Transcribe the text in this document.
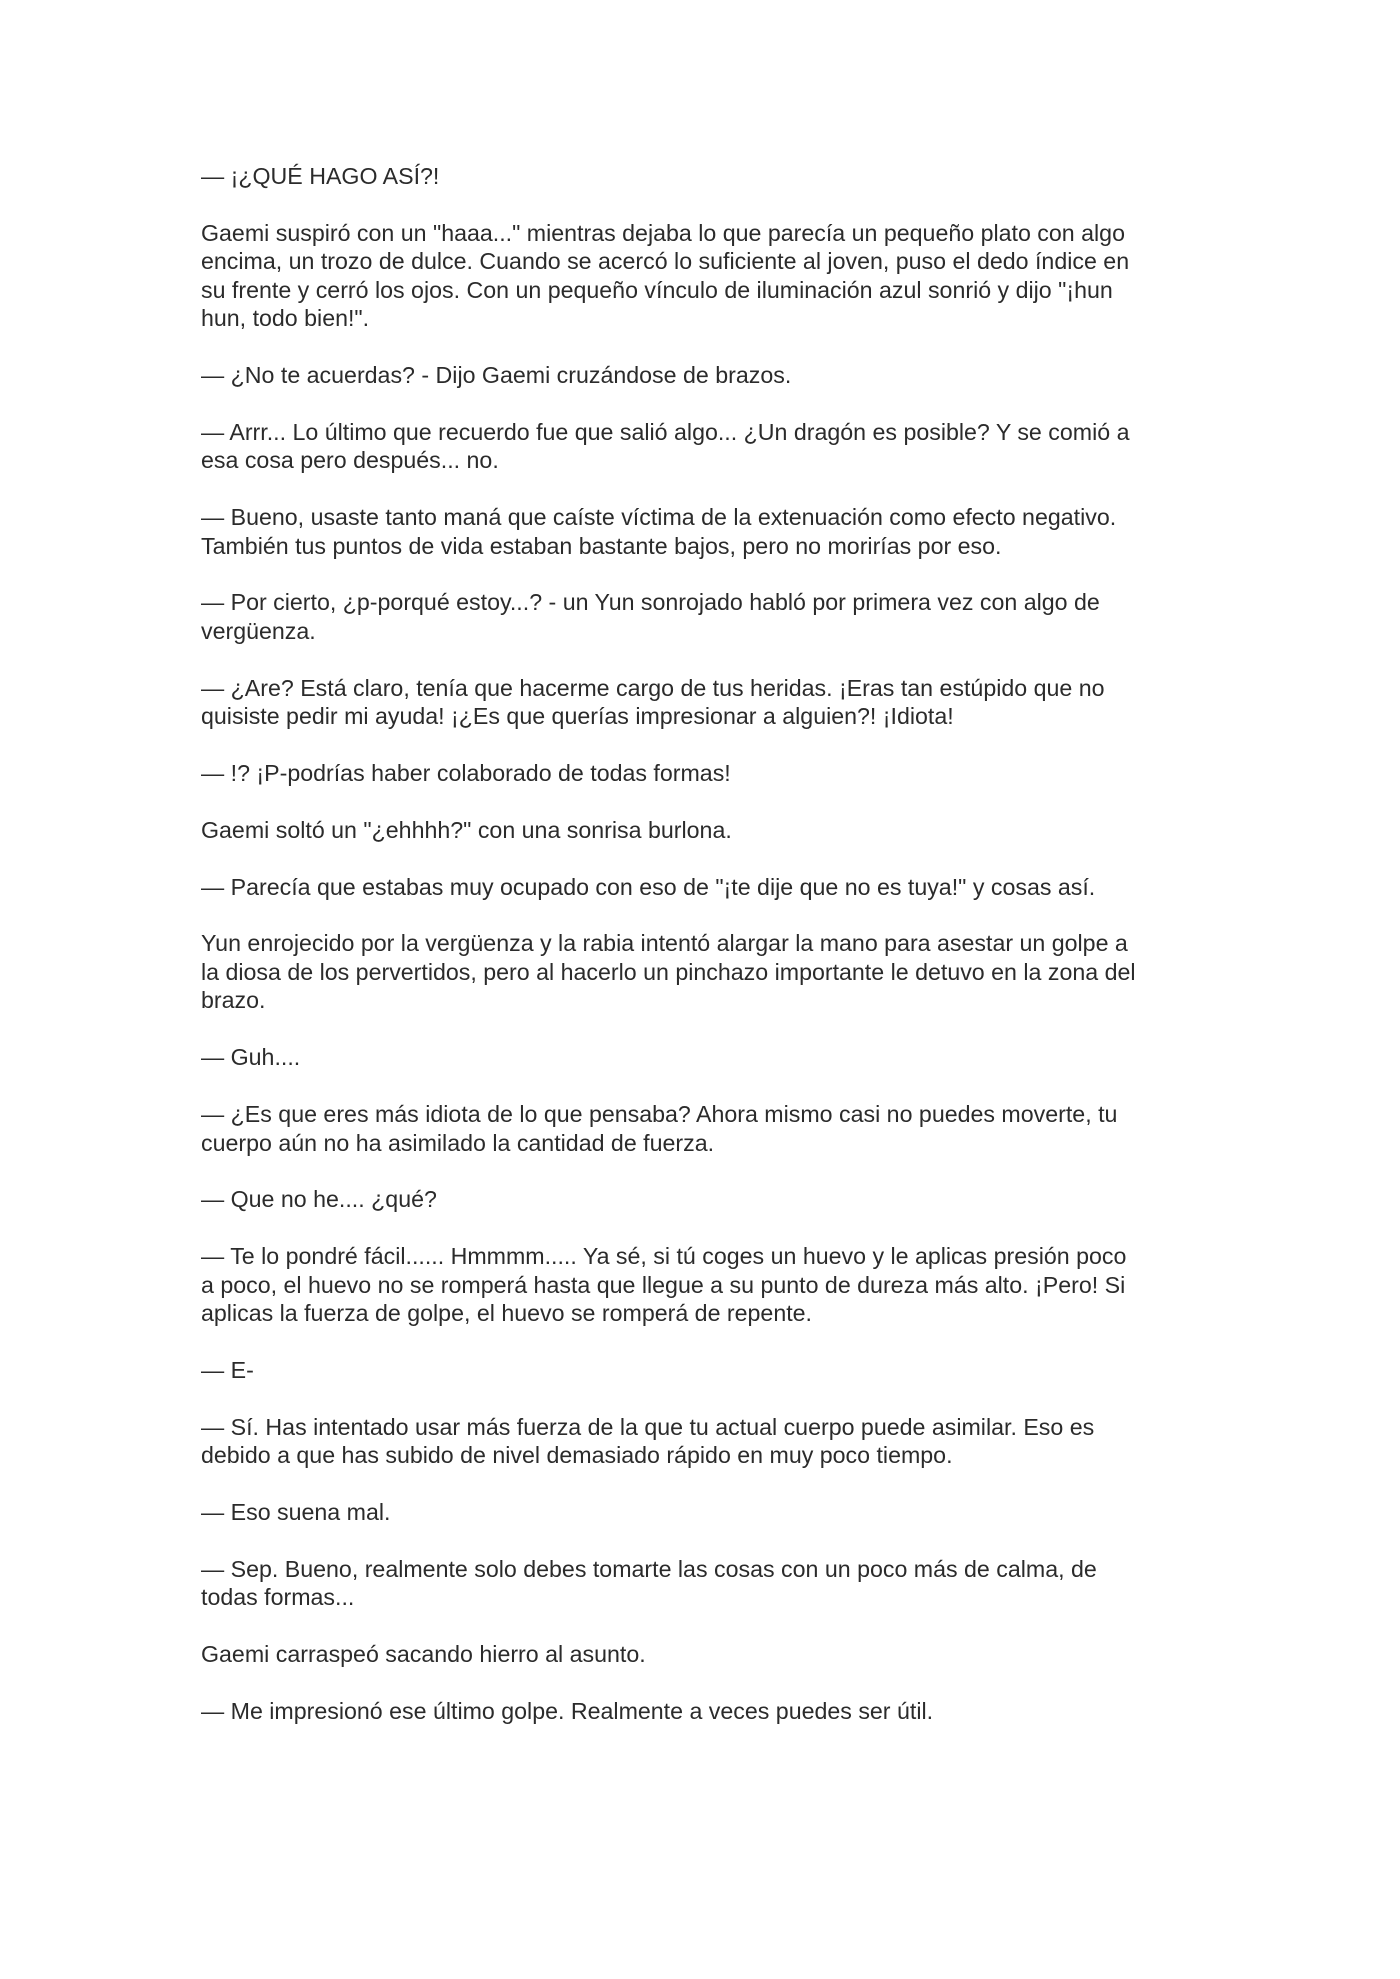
— ¡¿QUÉ HAGO ASÍ?!

Gaemi suspiró con un "haaa..." mientras dejaba lo que parecía un pequeño plato con algo
encima, un trozo de dulce. Cuando se acercó lo suficiente al joven, puso el dedo índice en
su frente y cerró los ojos. Con un pequeño vínculo de iluminación azul sonrió y dijo "¡hun
hun, todo bien!".

— ¿No te acuerdas? - Dijo Gaemi cruzándose de brazos.

— Arrr... Lo último que recuerdo fue que salió algo... ¿Un dragón es posible? Y se comió a
esa cosa pero después... no.

— Bueno, usaste tanto maná que caíste víctima de la extenuación como efecto negativo.
También tus puntos de vida estaban bastante bajos, pero no morirías por eso.

— Por cierto, ¿p-porqué estoy...? - un Yun sonrojado habló por primera vez con algo de
vergüenza.

— ¿Are? Está claro, tenía que hacerme cargo de tus heridas. ¡Eras tan estúpido que no
quisiste pedir mi ayuda! ¡¿Es que querías impresionar a alguien?! ¡Idiota!

— !? ¡P-podrías haber colaborado de todas formas!

Gaemi soltó un "¿ehhhh?" con una sonrisa burlona.

— Parecía que estabas muy ocupado con eso de "¡te dije que no es tuya!" y cosas así.

Yun enrojecido por la vergüenza y la rabia intentó alargar la mano para asestar un golpe a
la diosa de los pervertidos, pero al hacerlo un pinchazo importante le detuvo en la zona del
brazo.

— Guh....

— ¿Es que eres más idiota de lo que pensaba? Ahora mismo casi no puedes moverte, tu
cuerpo aún no ha asimilado la cantidad de fuerza.

— Que no he.... ¿qué?

— Te lo pondré fácil...... Hmmmm..... Ya sé, si tú coges un huevo y le aplicas presión poco
a poco, el huevo no se romperá hasta que llegue a su punto de dureza más alto. ¡Pero! Si
aplicas la fuerza de golpe, el huevo se romperá de repente.

— E-

— Sí. Has intentado usar más fuerza de la que tu actual cuerpo puede asimilar. Eso es
debido a que has subido de nivel demasiado rápido en muy poco tiempo.

— Eso suena mal.

— Sep. Bueno, realmente solo debes tomarte las cosas con un poco más de calma, de
todas formas...

Gaemi carraspeó sacando hierro al asunto.

— Me impresionó ese último golpe. Realmente a veces puedes ser útil.
